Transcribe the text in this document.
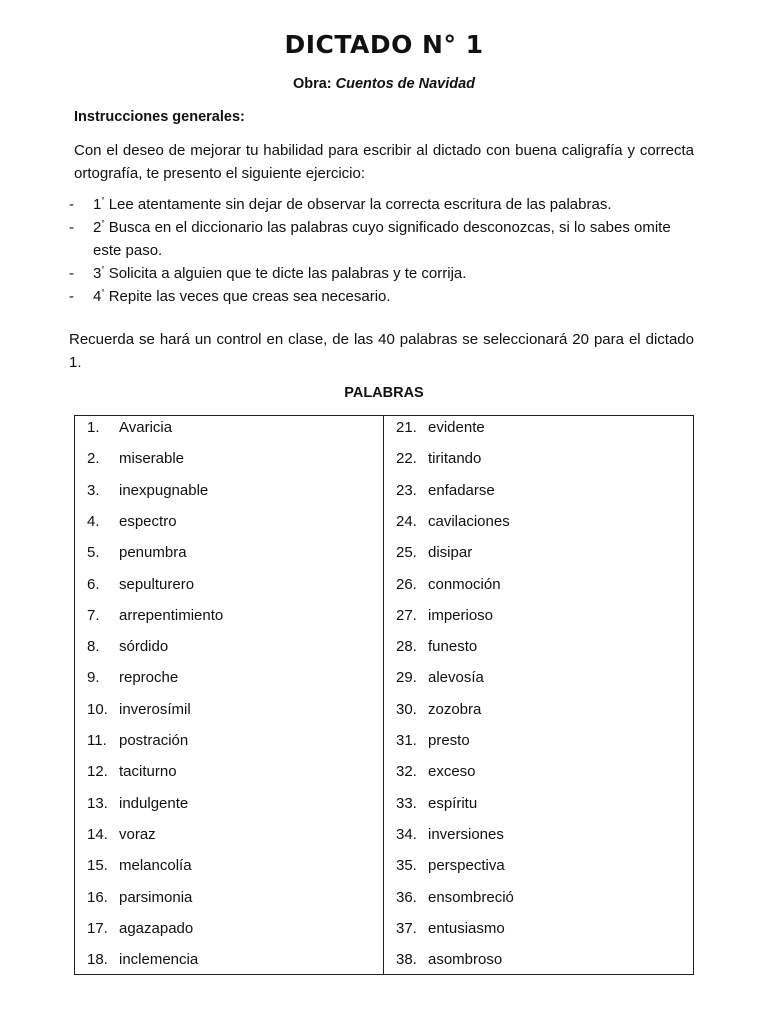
DICTADO N° 1
Obra: Cuentos de Navidad
Instrucciones generales:
Con el deseo de mejorar tu habilidad para escribir al dictado con buena caligrafía y correcta ortografía, te presento el siguiente ejercicio:
- 1° Lee atentamente sin dejar de observar la correcta escritura de las palabras.
- 2° Busca en el diccionario las palabras cuyo significado desconozcas, si lo sabes omite este paso.
- 3° Solicita a alguien que te dicte las palabras y te corrija.
- 4° Repite las veces que creas sea necesario.
Recuerda se hará un control en clase, de las 40 palabras se seleccionará 20 para el dictado 1.
PALABRAS
1. Avaricia
2. miserable
3. inexpugnable
4. espectro
5. penumbra
6. sepulturero
7. arrepentimiento
8. sórdido
9. reproche
10. inverosímil
11. postración
12. taciturno
13. indulgente
14. voraz
15. melancolía
16. parsimonia
17. agazapado
18. inclemencia
21. evidente
22. tiritando
23. enfadarse
24. cavilaciones
25. disipar
26. conmoción
27. imperioso
28. funesto
29. alevosía
30. zozobra
31. presto
32. exceso
33. espíritu
34. inversiones
35. perspectiva
36. ensombreció
37. entusiasmo
38. asombroso
